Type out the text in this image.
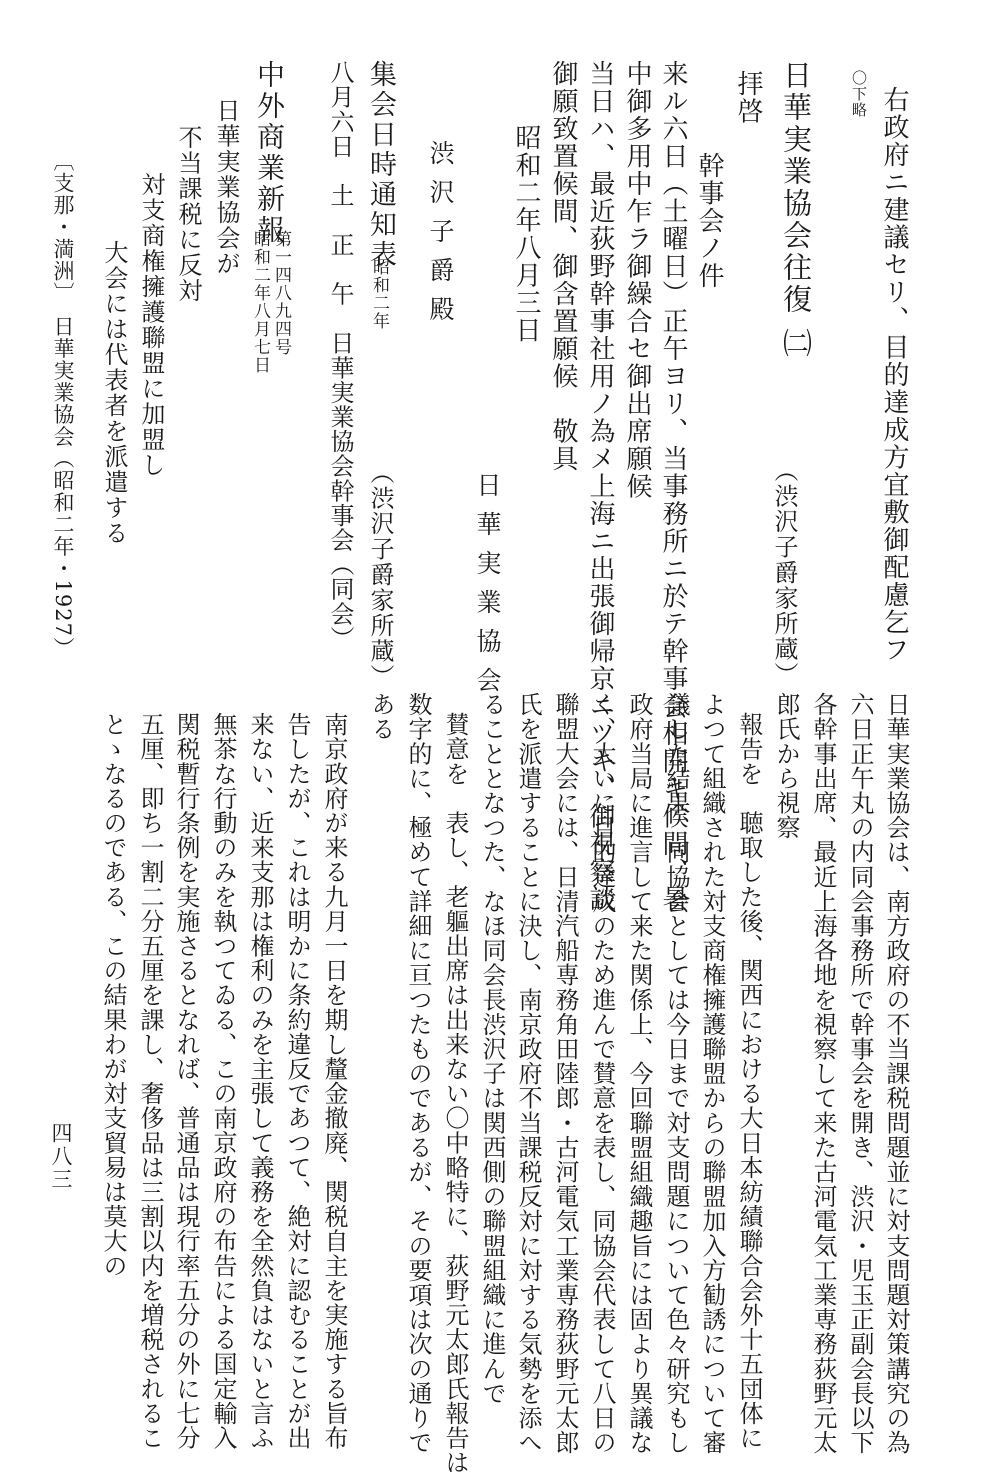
右政府ニ建議セリ、目的達成方宜敷御配慮乞フ
〇下略
日華実業協会往復 ㈡
（渋沢子爵家所蔵）
拝啓
幹事会ノ件
来ル六日（土曜日）正午ヨリ、当事務所ニ於テ幹事会相開キ候間、暑
中御多用中乍ラ御繰合セ御出席願候
当日ハ、最近荻野幹事社用ノ為メ上海ニ出張御帰京ニツキ、御視察談
御願致置候間、御含置願候　敬具
昭和二年八月三日
日華実業協会
渋沢子爵殿
集会日時通知表
昭和二年
八月六日　土　正　午　日華実業協会幹事会（同会） （渋沢子爵家所蔵）
中外商業新報
第一四八九四号
昭和二年八月七日
日華実業協会が
不当課税に反対
対支商権擁護聯盟に加盟し
大会には代表者を派遣する
〔支那・満洲〕　日華実業協会（昭和二年・1927）
日華実業協会は、南方政府の不当課税問題並に対支問題対策講究の為
六日正午丸の内同会事務所で幹事会を開き、渋沢・児玉正副会長以下
各幹事出席、最近上海各地を視察して来た古河電気工業専務荻野元太
郎氏から視察
報告を　聴取した後、関西における大日本紡績聯合会外十五団体に
よつて組織された対支商権擁護聯盟からの聯盟加入方勧誘について審
議した結果、同協会としては今日まで対支問題について色々研究もし
政府当局に進言して来た関係上、今回聯盟組織趣旨には固より異議な
く、大いに目的達成のため進んで賛意を表し、同協会代表して八日の
聯盟大会には、日清汽船専務角田陸郎・古河電気工業専務荻野元太郎
氏を派遣することに決し、南京政府不当課税反対に対する気勢を添へ
ることとなつた、なほ同会長渋沢子は関西側の聯盟組織に進んで
賛意を　表し、老軀出席は出来ない〇中略特に、荻野元太郎氏報告は
数字的に、極めて詳細に亘つたものであるが、その要項は次の通りで
ある
南京政府が来る九月一日を期し釐金撤廃、関税自主を実施する旨布
告したが、これは明かに条約違反であつて、絶対に認むることが出
来ない、近来支那は権利のみを主張して義務を全然負はないと言ふ
無茶な行動のみを執つてゐる、この南京政府の布告による国定輸入
関税暫行条例を実施さるとなれば、普通品は現行率五分の外に七分
五厘、即ち一割二分五厘を課し、奢侈品は三割以内を増税されるこ
とゝなるのである、この結果わが対支貿易は莫大の
四八三
